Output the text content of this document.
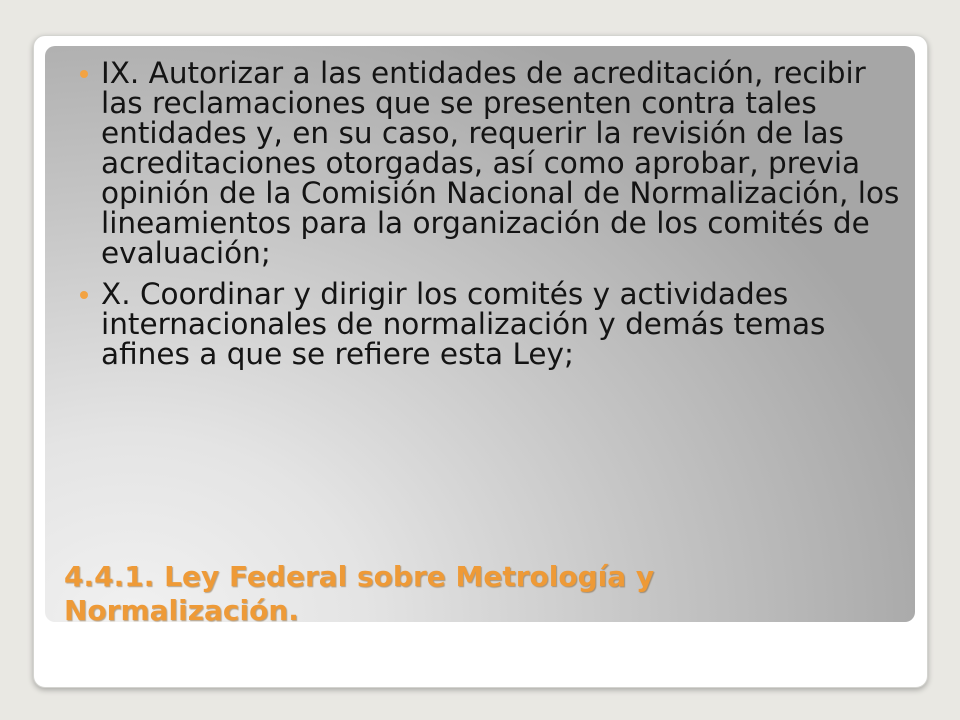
IX. Autorizar a las entidades de acreditación, recibir las reclamaciones que se presenten contra tales entidades y, en su caso, requerir la revisión de las acreditaciones otorgadas, así como aprobar, previa opinión de la Comisión Nacional de Normalización, los lineamientos para la organización de los comités de evaluación;
X. Coordinar y dirigir los comités y actividades internacionales de normalización y demás temas afines a que se refiere esta Ley;
4.4.1. Ley Federal sobre Metrología y Normalización.
